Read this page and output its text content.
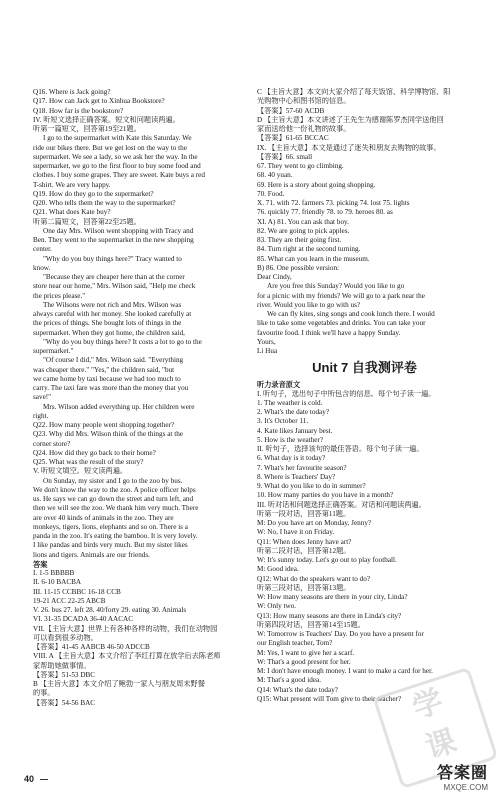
Q16. Where is Jack going?
Q17. How can Jack get to Xinhua Bookstore?
Q18. How far is the bookstore?
IV. 听短文选择正确答案。短文和问题读两遍。
听第一篇短文，回答第19至21题。
I go to the supermarket with Kate this Saturday. We
ride our bikes there. But we get lost on the way to the
supermarket. We see a lady, so we ask her the way. In the
supermarket, we go to the first floor to buy some food and
clothes. I buy some grapes. They are sweet. Kate buys a red
T-shirt. We are very happy.
Q19. How do they go to the supermarket?
Q20. Who tells them the way to the supermarket?
Q21. What does Kate buy?
听第二篇短文，回答第22至25题。
One day Mrs. Wilson went shopping with Tracy and
Ben. They went to the supermarket in the new shopping
center.
"Why do you buy things here?" Tracy wanted to
know.
"Because they are cheaper here than at the corner
store near our home," Mrs. Wilson said, "Help me check
the prices please."
The Wilsons were not rich and Mrs. Wilson was
always careful with her money. She looked carefully at
the prices of things. She bought lots of things in the
supermarket. When they got home, the children said,
"Why do you buy things here? It costs a lot to go to the
supermarket."
"Of course I did," Mrs. Wilson said. "Everything
was cheaper there." "Yes," the children said, "but
we came home by taxi because we had too much to
carry. The taxi fare was more than the money that you
save!"
Mrs. Wilson added everything up. Her children were
right.
Q22. How many people went shopping together?
Q23. Why did Mrs. Wilson think of the things at the
corner store?
Q24. How did they go back to their home?
Q25. What was the result of the story?
V. 听短文填空。短文读两遍。
On Sunday, my sister and I go to the zoo by bus.
We don't know the way to the zoo. A police officer helps
us. He says we can go down the street and turn left, and
then we will see the zoo. We thank him very much. There
are over 40 kinds of animals in the zoo. They are
monkeys, tigers, lions, elephants and so on. There is a
panda in the zoo. It's eating the bamboo. It is very lovely.
I like pandas and birds very much. But my sister likes
lions and tigers. Animals are our friends.
答案
I. 1-5 BBBBB
II. 6-10 BACBA
III. 11-15 CCBBC 16-18 CCB
19-21 ACC 22-25 ABCB
V. 26. bus 27. left 28. 40/forty 29. eating 30. Animals
VI. 31-35 DCADA 36-40 AACAC
VII.【主旨大意】世界上有各种各样的动物，我们在动物园
可以看到很多动物。
【答案】41-45 AABCB 46-50 ADCCB
VIII. A 【主旨大意】本文介绍了李红打算在放学后去陈老师
家帮助她做事情。
【答案】51-53 DBC
B 【主旨大意】本文介绍了鲍勃一家人与朋友周末野餐
的事。
【答案】54-56 BAC
C 【主旨大意】本文向大家介绍了每天饭馆、科学博物馆、阳
光购物中心和图书馆的信息。
【答案】57-60 ACDB
D 【主旨大意】本文讲述了王先生为感谢陈罗杰同学送他回
家而送给他一份礼物的故事。
【答案】61-65 BCCAC
IX. 【主旨大意】本文是通过了迷失和朋友去购物的故事。
【答案】66. small
67. They went to go climbing.
68. 40 yuan.
69. Here is a story about going shopping.
70. Food.
X. 71. with 72. farmers 73. picking 74. lost 75. lights
76. quickly 77. friendly 78. to 79. heroes 80. as
XI. A) 81. You can ask that boy.
82. We are going to pick apples.
83. They are their going first.
84. Turn right at the second turning.
85. What can you learn in the museum.
B) 86. One possible version:
Dear Cindy,
Are you free this Sunday? Would you like to go
for a picnic with my friends? We will go to a park near the
river. Would you like to go with us?
We can fly kites, sing songs and cook lunch there. I would
like to take some vegetables and drinks. You can take your
favourite food. I think we'll have a happy Sunday.
Yours,
Li Hua
Unit 7 自我测评卷
听力录音原文
I. 听句子，选出句子中所包含的信息。每个句子读一遍。
1. The weather is cold.
2. What's the date today?
3. It's October 11.
4. Kate likes January best.
5. How is the weather?
II. 听句子，选择该句的最佳答语。每个句子读一遍。
6. What day is it today?
7. What's her favourite season?
8. Where is Teachers' Day?
9. What do you like to do in summer?
10. How many parties do you have in a month?
III. 听对话和问题选择正确答案。对话和问题读两遍。
听第一段对话，回答第11题。
M: Do you have art on Monday, Jenny?
W: No, I have it on Friday.
Q11: When does Jenny have art?
听第二段对话，回答第12题。
W: It's sunny today. Let's go out to play football.
M: Good idea.
Q12: What do the speakers want to do?
听第三段对话，回答第13题。
W: How many seasons are there in your city, Linda?
W: Only two.
Q13: How many seasons are there in Linda's city?
听第四段对话，回答第14至15题。
W: Tomorrow is Teachers' Day. Do you have a present for
our English teacher, Tom?
M: Yes, I want to give her a scarf.
W: That's a good present for her.
M: I don't have enough money. I want to make a card for her.
M: That's a good idea.
Q14: What's the date today?
Q15: What present will Tom give to their teacher?
40
学
课
答案圈
MXQE.COM
